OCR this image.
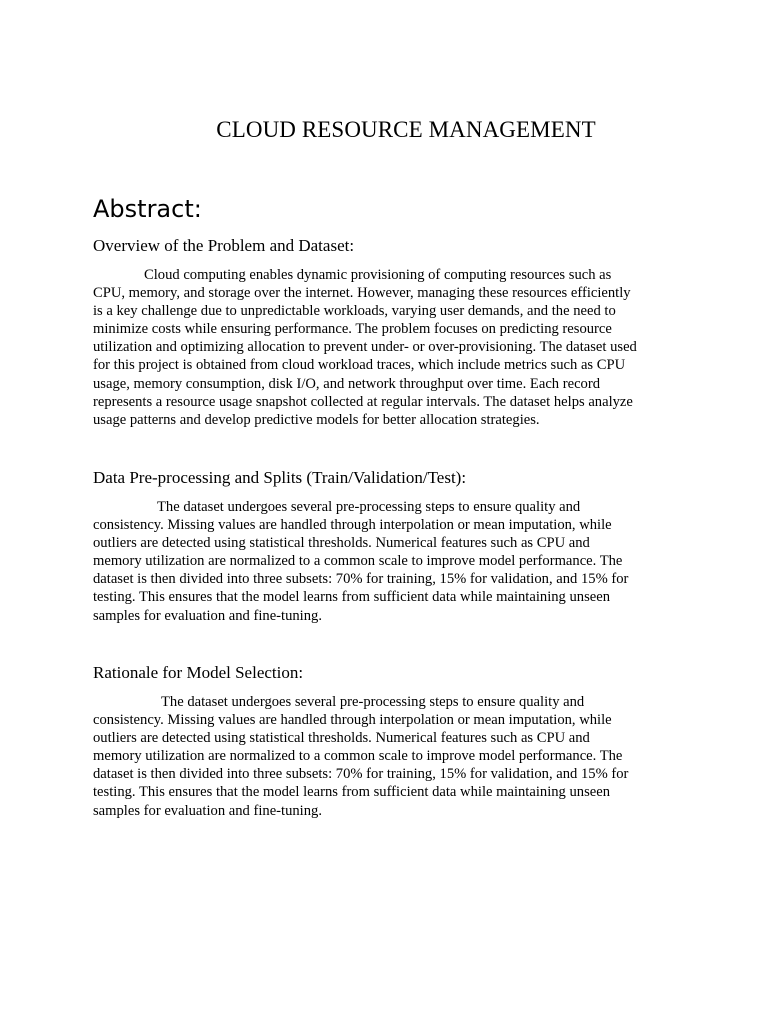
CLOUD RESOURCE MANAGEMENT
Abstract:
Overview of the Problem and Dataset:
Cloud computing enables dynamic provisioning of computing resources such as
CPU, memory, and storage over the internet. However, managing these resources efficiently
is a key challenge due to unpredictable workloads, varying user demands, and the need to
minimize costs while ensuring performance. The problem focuses on predicting resource
utilization and optimizing allocation to prevent under- or over-provisioning. The dataset used
for this project is obtained from cloud workload traces, which include metrics such as CPU
usage, memory consumption, disk I/O, and network throughput over time. Each record
represents a resource usage snapshot collected at regular intervals. The dataset helps analyze
usage patterns and develop predictive models for better allocation strategies.
Data Pre-processing and Splits (Train/Validation/Test):
The dataset undergoes several pre-processing steps to ensure quality and
consistency. Missing values are handled through interpolation or mean imputation, while
outliers are detected using statistical thresholds. Numerical features such as CPU and
memory utilization are normalized to a common scale to improve model performance. The
dataset is then divided into three subsets: 70% for training, 15% for validation, and 15% for
testing. This ensures that the model learns from sufficient data while maintaining unseen
samples for evaluation and fine-tuning.
Rationale for Model Selection:
The dataset undergoes several pre-processing steps to ensure quality and
consistency. Missing values are handled through interpolation or mean imputation, while
outliers are detected using statistical thresholds. Numerical features such as CPU and
memory utilization are normalized to a common scale to improve model performance. The
dataset is then divided into three subsets: 70% for training, 15% for validation, and 15% for
testing. This ensures that the model learns from sufficient data while maintaining unseen
samples for evaluation and fine-tuning.
